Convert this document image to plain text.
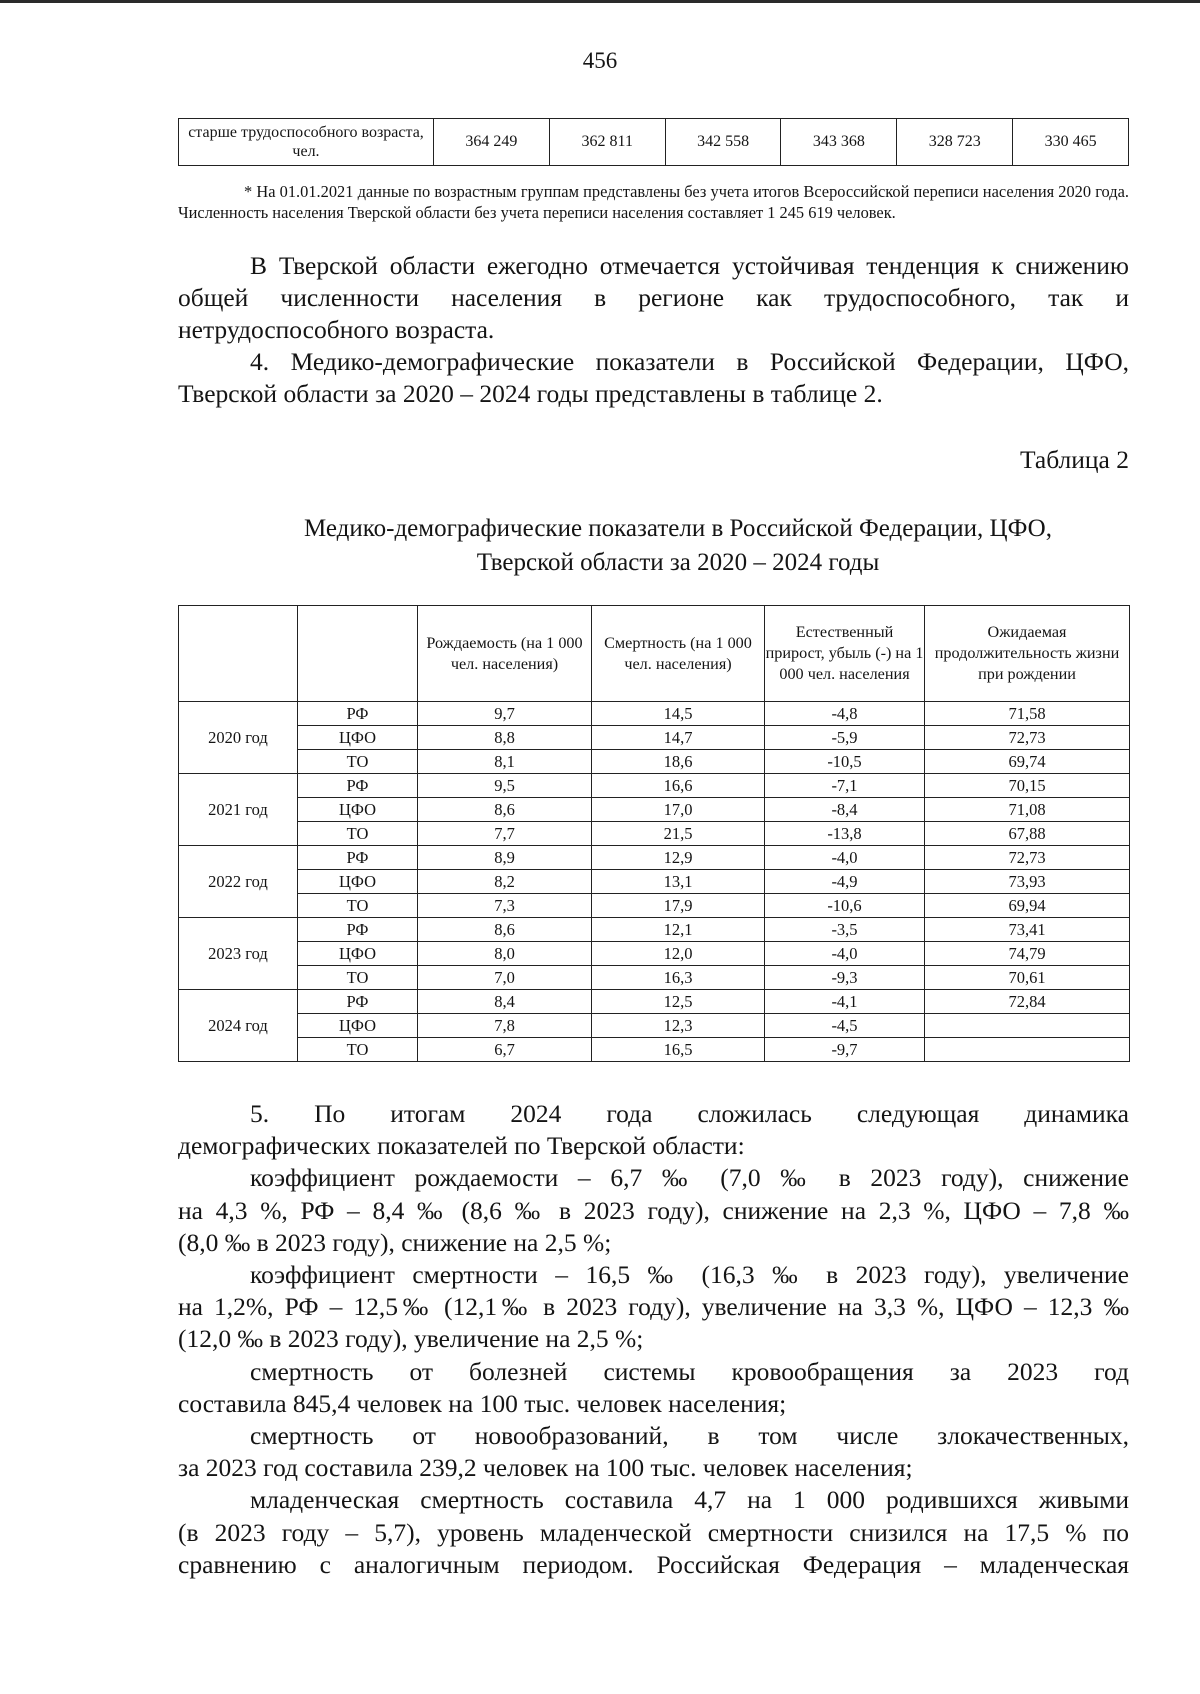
456
старше трудоспособного возраста, чел.	364 249	362 811	342 558	343 368	328 723	330 465
* На 01.01.2021 данные по возрастным группам представлены без учета итогов Всероссийской переписи населения 2020 года. Численность населения Тверской области без учета переписи населения составляет 1 245 619 человек.
В Тверской области ежегодно отмечается устойчивая тенденция к снижению общей численности населения в регионе как трудоспособного, так и нетрудоспособного возраста.
4. Медико-демографические показатели в Российской Федерации, ЦФО, Тверской области за 2020 – 2024 годы представлены в таблице 2.
Таблица 2
Медико-демографические показатели в Российской Федерации, ЦФО,
Тверской области за 2020 – 2024 годы
		Рождаемость (на 1 000 чел. населения)	Смертность (на 1 000 чел. населения)	Естественный прирост, убыль (-) на 1 000 чел. населения	Ожидаемая продолжительность жизни при рождении
2020 год	РФ	9,7	14,5	-4,8	71,58
	ЦФО	8,8	14,7	-5,9	72,73
	ТО	8,1	18,6	-10,5	69,74
2021 год	РФ	9,5	16,6	-7,1	70,15
	ЦФО	8,6	17,0	-8,4	71,08
	ТО	7,7	21,5	-13,8	67,88
2022 год	РФ	8,9	12,9	-4,0	72,73
	ЦФО	8,2	13,1	-4,9	73,93
	ТО	7,3	17,9	-10,6	69,94
2023 год	РФ	8,6	12,1	-3,5	73,41
	ЦФО	8,0	12,0	-4,0	74,79
	ТО	7,0	16,3	-9,3	70,61
2024 год	РФ	8,4	12,5	-4,1	72,84
	ЦФО	7,8	12,3	-4,5	
	ТО	6,7	16,5	-9,7	
5. По итогам 2024 года сложилась следующая динамика
демографических показателей по Тверской области:
коэффициент рождаемости – 6,7 ‰ (7,0 ‰ в 2023 году), снижение
на 4,3 %, РФ – 8,4 ‰ (8,6 ‰ в 2023 году), снижение на 2,3 %, ЦФО – 7,8 ‰
(8,0 ‰ в 2023 году), снижение на 2,5 %;
коэффициент смертности – 16,5 ‰ (16,3 ‰ в 2023 году), увеличение
на 1,2%, РФ – 12,5‰ (12,1‰ в 2023 году), увеличение на 3,3 %, ЦФО – 12,3 ‰
(12,0 ‰ в 2023 году), увеличение на 2,5 %;
смертность от болезней системы кровообращения за 2023 год
составила 845,4 человек на 100 тыс. человек населения;
смертность от новообразований, в том числе злокачественных,
за 2023 год составила 239,2 человек на 100 тыс. человек населения;
младенческая смертность составила 4,7 на 1 000 родившихся живыми
(в 2023 году – 5,7), уровень младенческой смертности снизился на 17,5 % по
сравнению с аналогичным периодом. Российская Федерация – младенческая
